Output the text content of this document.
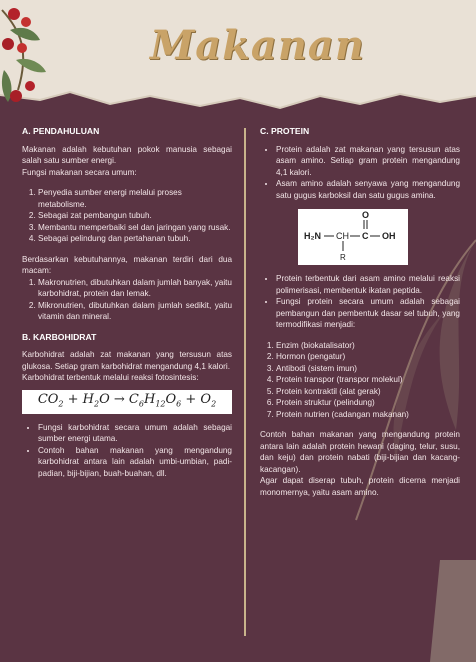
Makanan
A. PENDAHULUAN

Makanan adalah kebutuhan pokok manusia sebagai salah satu sumber energi.

Fungsi makanan secara umum:

1. Penyedia sumber energi melalui proses metabolisme.
2. Sebagai zat pembangun tubuh.
3. Membantu memperbaiki sel dan jaringan yang rusak.
4. Sebagai pelindung dan pertahanan tubuh.

Berdasarkan kebutuhannya, makanan terdiri dari dua macam:

1. Makronutrien, dibutuhkan dalam jumlah banyak, yaitu karbohidrat, protein dan lemak.
2. Mikronutrien, dibutuhkan dalam jumlah sedikit, yaitu vitamin dan mineral.
B. KARBOHIDRAT

Karbohidrat adalah zat makanan yang tersusun atas glukosa. Setiap gram karbohidrat mengandung 4,1 kalori.

Karbohidrat terbentuk melalui reaksi fotosintesis:

$CO_2 + H_2O \to C_6H_{12}O_6 + O_2$
• Fungsi karbohidrat secara umum adalah sebagai sumber energi utama.
• Contoh bahan makanan yang mengandung karbohidrat antara lain adalah umbi-umbian, padi-padian, biji-bijian, buah-buahan, dll.
C. PROTEIN
• Protein adalah zat makanan yang tersusun atas asam amino. Setiap gram protein mengandung 4,1 kalori.
• Asam amino adalah senyawa yang mengandung satu gugus karboksil dan satu gugus amina.
H₂N CH C OH
O
R
• Protein terbentuk dari asam amino melalui reaksi polimerisasi, membentuk ikatan peptida.
• Fungsi protein secara umum adalah sebagai pembangun dan pembentuk dasar sel tubuh, yang termodifikasi menjadi:
1. Enzim (biokatalisator)
2. Hormon (pengatur)
3. Antibodi (sistem imun)
4. Protein transpor (transpor molekul)
5. Protein kontraktil (alat gerak)
6. Protein struktur (pelindung)
7. Protein nutrien (cadangan makanan)

Contoh bahan makanan yang mengandung protein antara lain adalah protein hewani (daging, telur, susu, dan keju) dan protein nabati (biji-bijian dan kacang-kacangan).

Agar dapat diserap tubuh, protein dicerna menjadi monomernya, yaitu asam amino.
